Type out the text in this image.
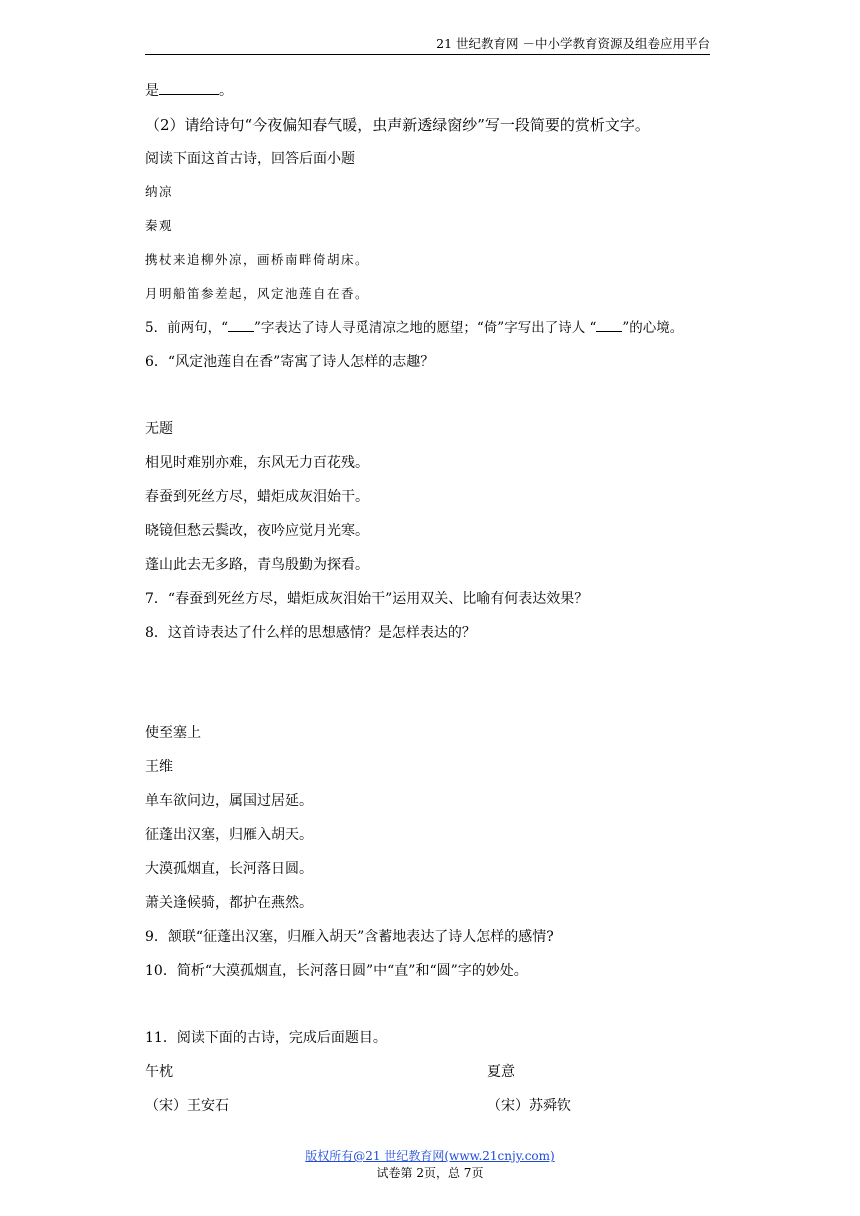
21 世纪教育网 －中小学教育资源及组卷应用平台
是	。
（2）请给诗句“今夜偏知春气暖，虫声新透绿窗纱”写一段简要的赏析文字。
阅读下面这首古诗，回答后面小题
纳凉
秦观
携杖来追柳外凉，画桥南畔倚胡床。
月明船笛参差起，风定池莲自在香。
5．前两句，“ ”字表达了诗人寻觅清凉之地的愿望；“倚”字写出了诗人 “ ”的心境。
6．“风定池莲自在香”寄寓了诗人怎样的志趣？
无题
相见时难别亦难，东风无力百花残。
春蚕到死丝方尽，蜡炬成灰泪始干。
晓镜但愁云鬓改，夜吟应觉月光寒。
蓬山此去无多路，青鸟殷勤为探看。
7．“春蚕到死丝方尽，蜡炬成灰泪始干”运用双关、比喻有何表达效果？
8．这首诗表达了什么样的思想感情？是怎样表达的？
使至塞上
王维
单车欲问边，属国过居延。
征蓬出汉塞，归雁入胡天。
大漠孤烟直，长河落日圆。
萧关逢候骑，都护在燕然。
9．颔联“征蓬出汉塞，归雁入胡天”含蓄地表达了诗人怎样的感情?
10．简析“大漠孤烟直，长河落日圆”中“直”和“圆”字的妙处。
11．阅读下面的古诗，完成后面题目。
午枕	夏意
（宋）王安石	（宋）苏舜钦
版权所有@21 世纪教育网(www.21cnjy.com)
试卷第 2页，总 7页
